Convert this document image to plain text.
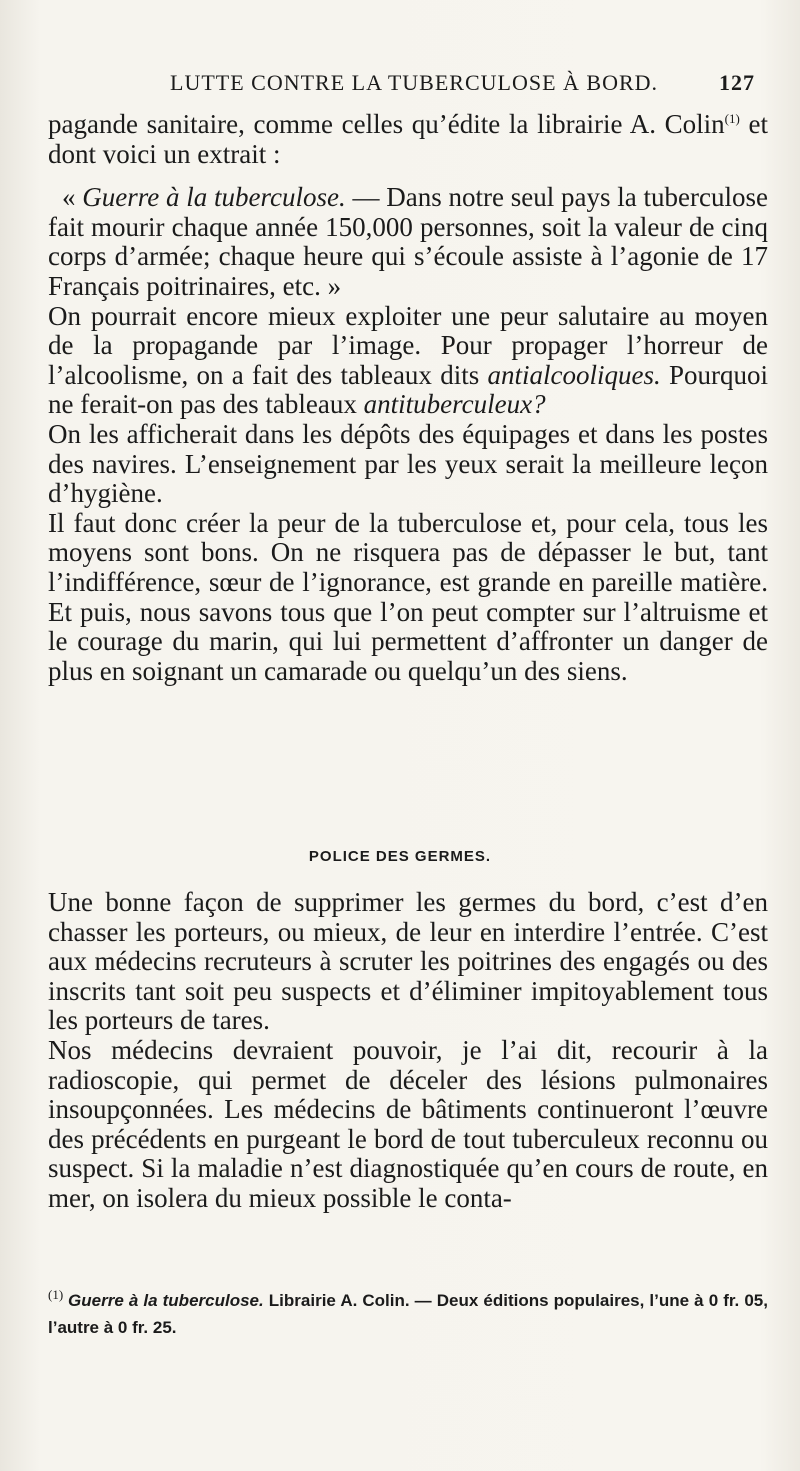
LUTTE CONTRE LA TUBERCULOSE À BORD.	127

pagande sanitaire, comme celles qu’édite la librairie A. Colin$^{(1)}$ et dont voici un extrait :

« Guerre à la tuberculose. — Dans notre seul pays la tuberculose fait mourir chaque année 150,000 personnes, soit la valeur de cinq corps d’armée; chaque heure qui s’écoule assiste à l’agonie de 17 Français poitrinaires, etc. »

On pourrait encore mieux exploiter une peur salutaire au moyen de la propagande par l’image. Pour propager l’horreur de l’alcoolisme, on a fait des tableaux dits antialcooliques. Pourquoi ne ferait-on pas des tableaux antituberculeux?

On les afficherait dans les dépôts des équipages et dans les postes des navires. L’enseignement par les yeux serait la meilleure leçon d’hygiène.

Il faut donc créer la peur de la tuberculose et, pour cela, tous les moyens sont bons. On ne risquera pas de dépasser le but, tant l’indifférence, sœur de l’ignorance, est grande en pareille matière. Et puis, nous savons tous que l’on peut compter sur l’altruisme et le courage du marin, qui lui permettent d’affronter un danger de plus en soignant un camarade ou quelqu’un des siens.

POLICE DES GERMES.

Une bonne façon de supprimer les germes du bord, c’est d’en chasser les porteurs, ou mieux, de leur en interdire l’entrée. C’est aux médecins recruteurs à scruter les poitrines des engagés ou des inscrits tant soit peu suspects et d’éliminer impitoyablement tous les porteurs de tares.

Nos médecins devraient pouvoir, je l’ai dit, recourir à la radioscopie, qui permet de déceler des lésions pulmonaires insoupçonnées. Les médecins de bâtiments continueront l’œuvre des précédents en purgeant le bord de tout tuberculeux reconnu ou suspect. Si la maladie n’est diagnostiquée qu’en cours de route, en mer, on isolera du mieux possible le conta-

$^{(1)}$ Guerre à la tuberculose. Librairie A. Colin. — Deux éditions populaires, l’une à 0 fr. 05, l’autre à 0 fr. 25.
